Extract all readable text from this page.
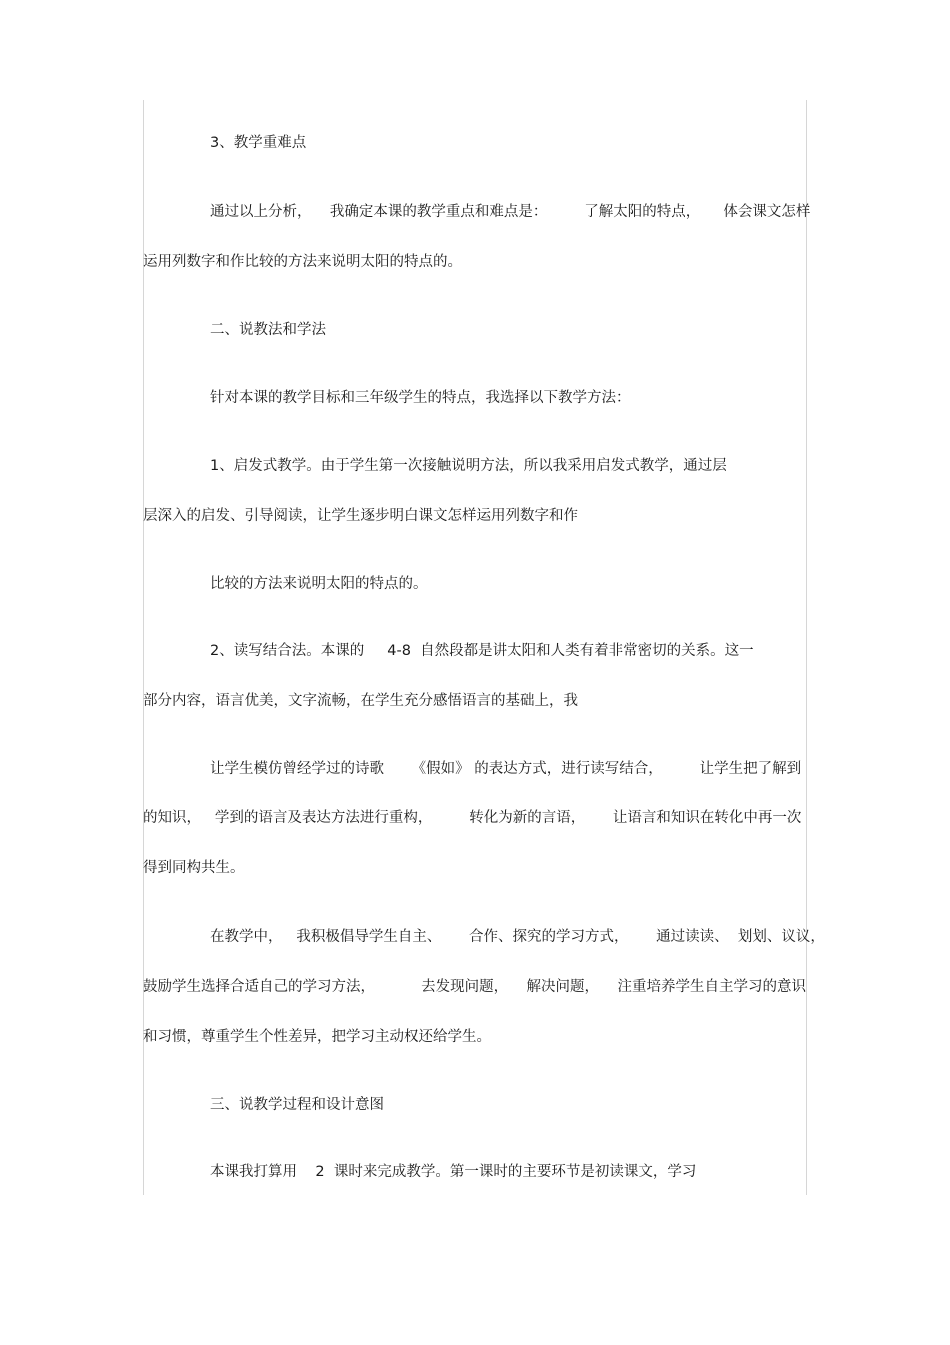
3、教学重难点
通过以上分析，    我确定本课的教学重点和难点是：        了解太阳的特点，     体会课文怎样
运用列数字和作比较的方法来说明太阳的特点的。
二、说教法和学法
针对本课的教学目标和三年级学生的特点，我选择以下教学方法：
1、启发式教学。由于学生第一次接触说明方法，所以我采用启发式教学，通过层
层深入的启发、引导阅读，让学生逐步明白课文怎样运用列数字和作
比较的方法来说明太阳的特点的。
2、读写结合法。本课的     4-8  自然段都是讲太阳和人类有着非常密切的关系。这一
部分内容，语言优美，文字流畅，在学生充分感悟语言的基础上，我
让学生模仿曾经学过的诗歌      《假如》 的表达方式，进行读写结合，        让学生把了解到
的知识，   学到的语言及表达方法进行重构，        转化为新的言语，      让语言和知识在转化中再一次
得到同构共生。
在教学中，   我积极倡导学生自主、      合作、探究的学习方式，      通过读读、  划划、议议，
鼓励学生选择合适自己的学习方法，          去发现问题，    解决问题，    注重培养学生自主学习的意识
和习惯，尊重学生个性差异，把学习主动权还给学生。
三、说教学过程和设计意图
本课我打算用    2  课时来完成教学。第一课时的主要环节是初读课文，学习
